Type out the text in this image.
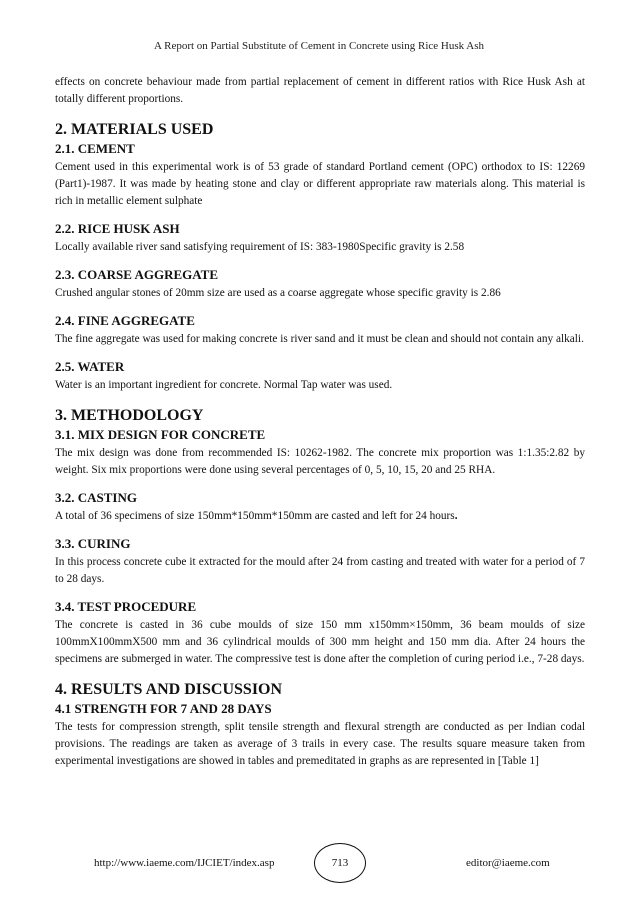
A Report on Partial Substitute of Cement in Concrete using Rice Husk Ash

effects on concrete behaviour made from partial replacement of cement in different ratios with Rice Husk Ash at totally different proportions.

2. MATERIALS USED
2.1. CEMENT

Cement used in this experimental work is of 53 grade of standard Portland cement (OPC) orthodox to IS: 12269 (Part1)-1987. It was made by heating stone and clay or different appropriate raw materials along. This material is rich in metallic element sulphate

2.2. RICE HUSK ASH

Locally available river sand satisfying requirement of IS: 383-1980Specific gravity is 2.58

2.3. COARSE AGGREGATE

Crushed angular stones of 20mm size are used as a coarse aggregate whose specific gravity is 2.86

2.4. FINE AGGREGATE

The fine aggregate was used for making concrete is river sand and it must be clean and should not contain any alkali.

2.5. WATER

Water is an important ingredient for concrete. Normal Tap water was used.

3. METHODOLOGY
3.1. MIX DESIGN FOR CONCRETE

The mix design was done from recommended IS: 10262-1982. The concrete mix proportion was 1:1.35:2.82 by weight. Six mix proportions were done using several percentages of 0, 5, 10, 15, 20 and 25 RHA.

3.2. CASTING

A total of 36 specimens of size 150mm*150mm*150mm are casted and left for 24 hours.

3.3. CURING

In this process concrete cube it extracted for the mould after 24 from casting and treated with water for a period of 7 to 28 days.

3.4. TEST PROCEDURE

The concrete is casted in 36 cube moulds of size 150 mm x150mm×150mm, 36 beam moulds of size 100mmX100mmX500 mm and 36 cylindrical moulds of 300 mm height and 150 mm dia. After 24 hours the specimens are submerged in water. The compressive test is done after the completion of curing period i.e., 7-28 days.

4. RESULTS AND DISCUSSION
4.1 STRENGTH FOR 7 AND 28 DAYS

The tests for compression strength, split tensile strength and flexural strength are conducted as per Indian codal provisions. The readings are taken as average of 3 trails in every case. The results square measure taken from experimental investigations are showed in tables and premeditated in graphs as are represented in [Table 1]

http://www.iaeme.com/IJCIET/index.asp	713	editor@iaeme.com
